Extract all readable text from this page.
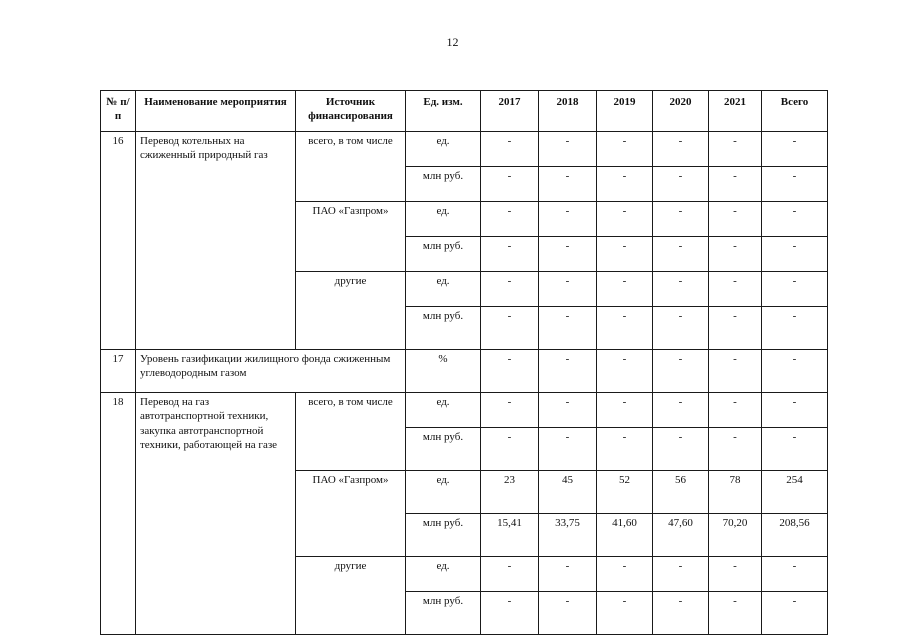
12
№ п/п	Наименование мероприятия	Источник финансирования	Ед. изм.	2017	2018	2019	2020	2021	Всего
16	Перевод котельных на сжиженный природный газ	всего, в том числе	ед.	-	-	-	-	-	-
			млн руб.	-	-	-	-	-	-
		ПАО «Газпром»	ед.	-	-	-	-	-	-
			млн руб.	-	-	-	-	-	-
		другие	ед.	-	-	-	-	-	-
			млн руб.	-	-	-	-	-	-
17	Уровень газификации жилищного фонда сжиженным углеводородным газом		%	-	-	-	-	-	-
18	Перевод на газ автотранспортной техники, закупка автотранспортной техники, работающей на газе	всего, в том числе	ед.	-	-	-	-	-	-
			млн руб.	-	-	-	-	-	-
		ПАО «Газпром»	ед.	23	45	52	56	78	254
			млн руб.	15,41	33,75	41,60	47,60	70,20	208,56
		другие	ед.	-	-	-	-	-	-
			млн руб.	-	-	-	-	-	-
